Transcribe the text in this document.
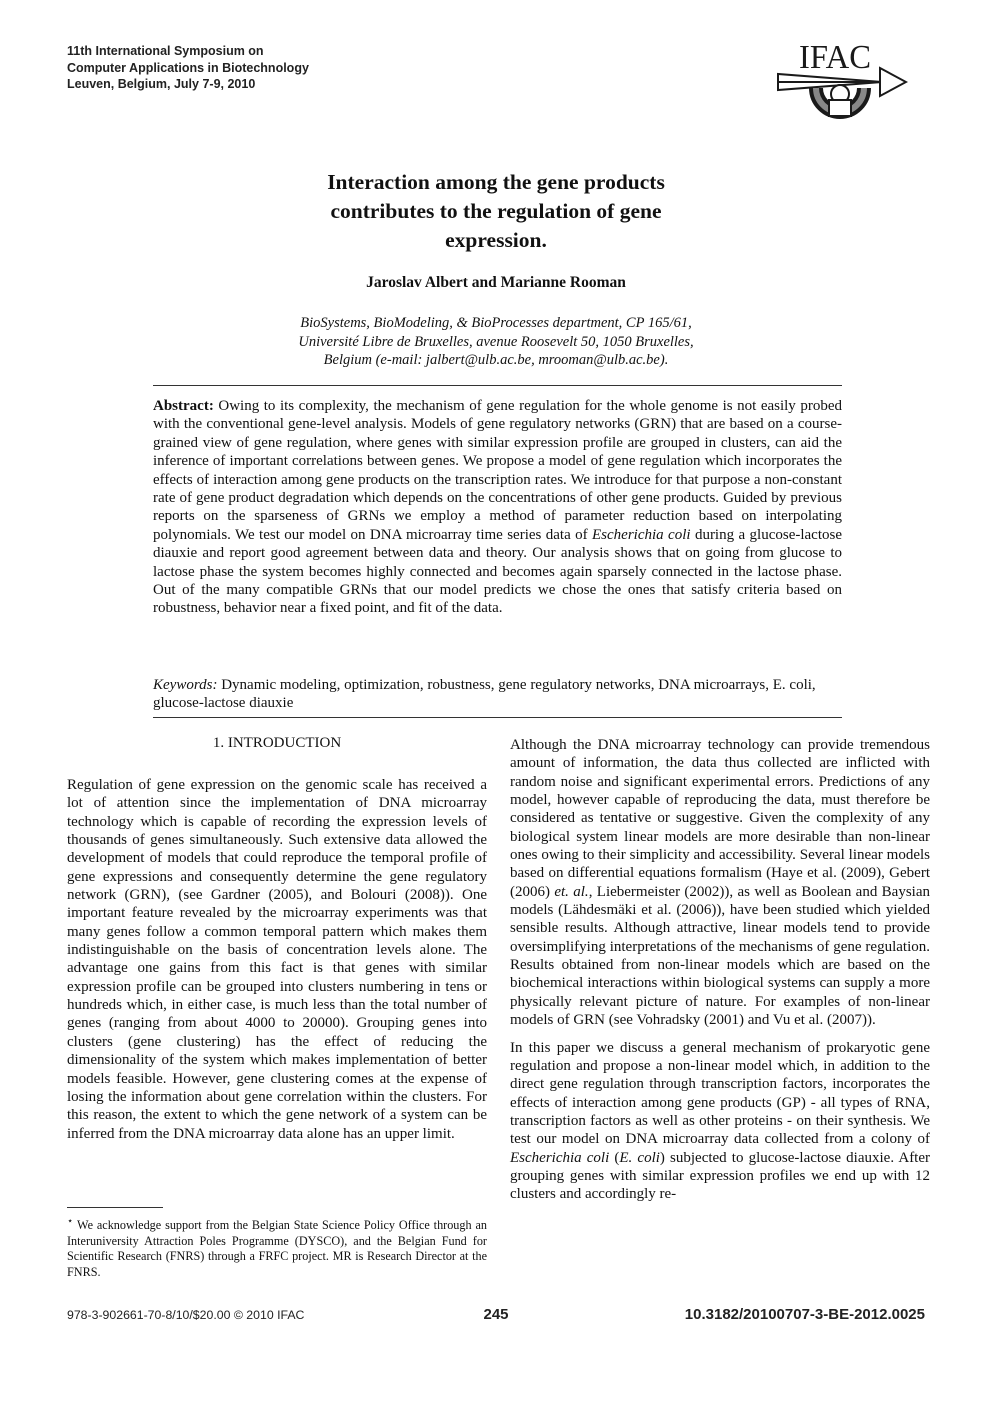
11th International Symposium on
Computer Applications in Biotechnology
Leuven, Belgium, July 7-9, 2010
IFAC
Interaction among the gene products
contributes to the regulation of gene
expression.
Jaroslav Albert and Marianne Rooman
BioSystems, BioModeling, & BioProcesses department, CP 165/61,
Université Libre de Bruxelles, avenue Roosevelt 50, 1050 Bruxelles,
Belgium (e-mail: jalbert@ulb.ac.be, mrooman@ulb.ac.be).
Abstract: Owing to its complexity, the mechanism of gene regulation for the whole genome is not easily probed with the conventional gene-level analysis. Models of gene regulatory networks (GRN) that are based on a course-grained view of gene regulation, where genes with similar expression profile are grouped in clusters, can aid the inference of important correlations between genes. We propose a model of gene regulation which incorporates the effects of interaction among gene products on the transcription rates. We introduce for that purpose a non-constant rate of gene product degradation which depends on the concentrations of other gene products. Guided by previous reports on the sparseness of GRNs we employ a method of parameter reduction based on interpolating polynomials. We test our model on DNA microarray time series data of Escherichia coli during a glucose-lactose diauxie and report good agreement between data and theory. Our analysis shows that on going from glucose to lactose phase the system becomes highly connected and becomes again sparsely connected in the lactose phase. Out of the many compatible GRNs that our model predicts we chose the ones that satisfy criteria based on robustness, behavior near a fixed point, and fit of the data.
Keywords: Dynamic modeling, optimization, robustness, gene regulatory networks, DNA microarrays, E. coli, glucose-lactose diauxie
1. INTRODUCTION

Regulation of gene expression on the genomic scale has received a lot of attention since the implementation of DNA microarray technology which is capable of recording the expression levels of thousands of genes simultaneously. Such extensive data allowed the development of models that could reproduce the temporal profile of gene expressions and consequently determine the gene regulatory network (GRN), (see Gardner (2005), and Bolouri (2008)). One important feature revealed by the microarray experiments was that many genes follow a common temporal pattern which makes them indistinguishable on the basis of concentration levels alone. The advantage one gains from this fact is that genes with similar expression profile can be grouped into clusters numbering in tens or hundreds which, in either case, is much less than the total number of genes (ranging from about 4000 to 20000). Grouping genes into clusters (gene clustering) has the effect of reducing the dimensionality of the system which makes implementation of better models feasible. However, gene clustering comes at the expense of losing the information about gene correlation within the clusters. For this reason, the extent to which the gene network of a system can be inferred from the DNA microarray data alone has an upper limit.

Although the DNA microarray technology can provide tremendous amount of information, the data thus collected are inflicted with random noise and significant experimental errors. Predictions of any model, however capable of reproducing the data, must therefore be considered as tentative or suggestive. Given the complexity of any biological system linear models are more desirable than non-linear ones owing to their simplicity and accessibility. Several linear models based on differential equations formalism (Haye et al. (2009), Gebert (2006) et. al., Liebermeister (2002)), as well as Boolean and Baysian models (Lähdesmäki et al. (2006)), have been studied which yielded sensible results. Although attractive, linear models tend to provide oversimplifying interpretations of the mechanisms of gene regulation. Results obtained from non-linear models which are based on the biochemical interactions within biological systems can supply a more physically relevant picture of nature. For examples of non-linear models of GRN (see Vohradsky (2001) and Vu et al. (2007)).

In this paper we discuss a general mechanism of prokaryotic gene regulation and propose a non-linear model which, in addition to the direct gene regulation through transcription factors, incorporates the effects of interaction among gene products (GP) - all types of RNA, transcription factors as well as other proteins - on their synthesis. We test our model on DNA microarray data collected from a colony of Escherichia coli (E. coli) subjected to glucose-lactose diauxie. After grouping genes with similar expression profiles we end up with 12 clusters and accordingly re-

⋆ We acknowledge support from the Belgian State Science Policy Office through an Interuniversity Attraction Poles Programme (DYSCO), and the Belgian Fund for Scientific Research (FNRS) through a FRFC project. MR is Research Director at the FNRS.
978-3-902661-70-8/10/$20.00 © 2010 IFAC	245	10.3182/20100707-3-BE-2012.0025
